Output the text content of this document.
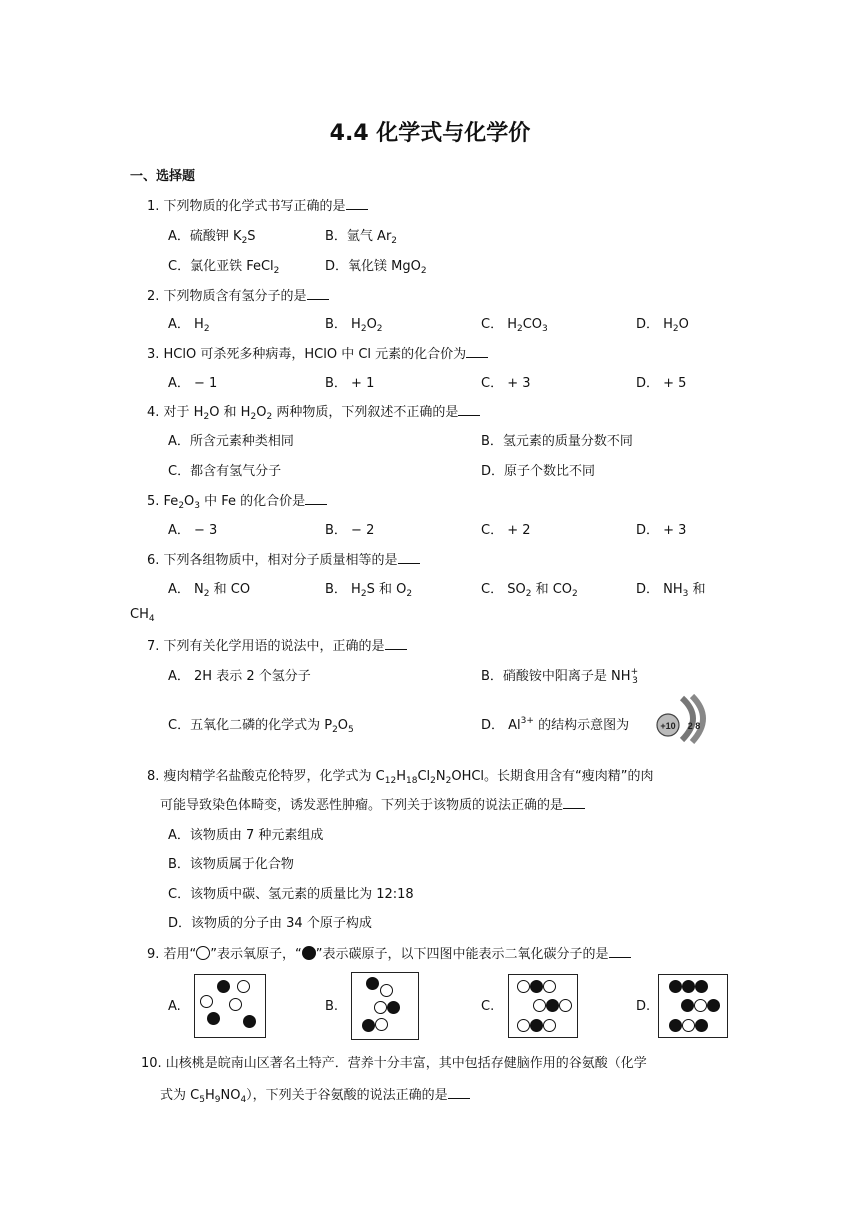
4.4 化学式与化学价
一、选择题
1. 下列物质的化学式书写正确的是
A．硫酸钾 $K_2S$	B．氩气 $Ar_2$
C．氯化亚铁 FeCl$_2$	D．氧化镁 MgO$_2$
2. 下列物质含有氢分子的是
A． $H_2$	B． $H_2O_2$	C． $H_2CO_3$	D． $H_2O$
3. HClO 可杀死多种病毒，HClO 中 Cl 元素的化合价为
A． − 1	B． + 1	C． + 3	D． + 5
4. 对于 $H_2O$ 和 $H_2O_2$ 两种物质，下列叙述不正确的是
A．所含元素种类相同	B．氢元素的质量分数不同
C．都含有氢气分子	D．原子个数比不同
5. $Fe_2O_3$ 中 Fe 的化合价是
A． − 3	B． − 2	C． + 2	D． + 3
6. 下列各组物质中，相对分子质量相等的是
A． $N_2$ 和 CO	B． $H_2S$ 和 $O_2$	C． $SO_2$ 和 $CO_2$	D． $NH_3$ 和
$CH_4$
7. 下列有关化学用语的说法中，正确的是
A． 2H 表示 2 个氢分子	B．硝酸铵中阳离子是 $NH^+_3$
C．五氧化二磷的化学式为 $P_2O_5$	D． $Al^{3+}$ 的结构示意图为	+10 2 8
8. 瘦肉精学名盐酸克伦特罗，化学式为 $C_{12}H_{18}Cl_2N_2OHCl$。长期食用含有“瘦肉精”的肉
可能导致染色体畸变，诱发恶性肿瘤。下列关于该物质的说法正确的是
A．该物质由 7 种元素组成
B．该物质属于化合物
C．该物质中碳、氢元素的质量比为 12:18
D．该物质的分子由 34 个原子构成
9. 若用“ ”表示氧原子，“ ”表示碳原子，以下四图中能表示二氧化碳分子的是
A.	B.	C.	D.
10. 山核桃是皖南山区著名土特产．营养十分丰富，其中包括存健脑作用的谷氨酸（化学
式为 $C_5H_9NO_4$），下列关于谷氨酸的说法正确的是
